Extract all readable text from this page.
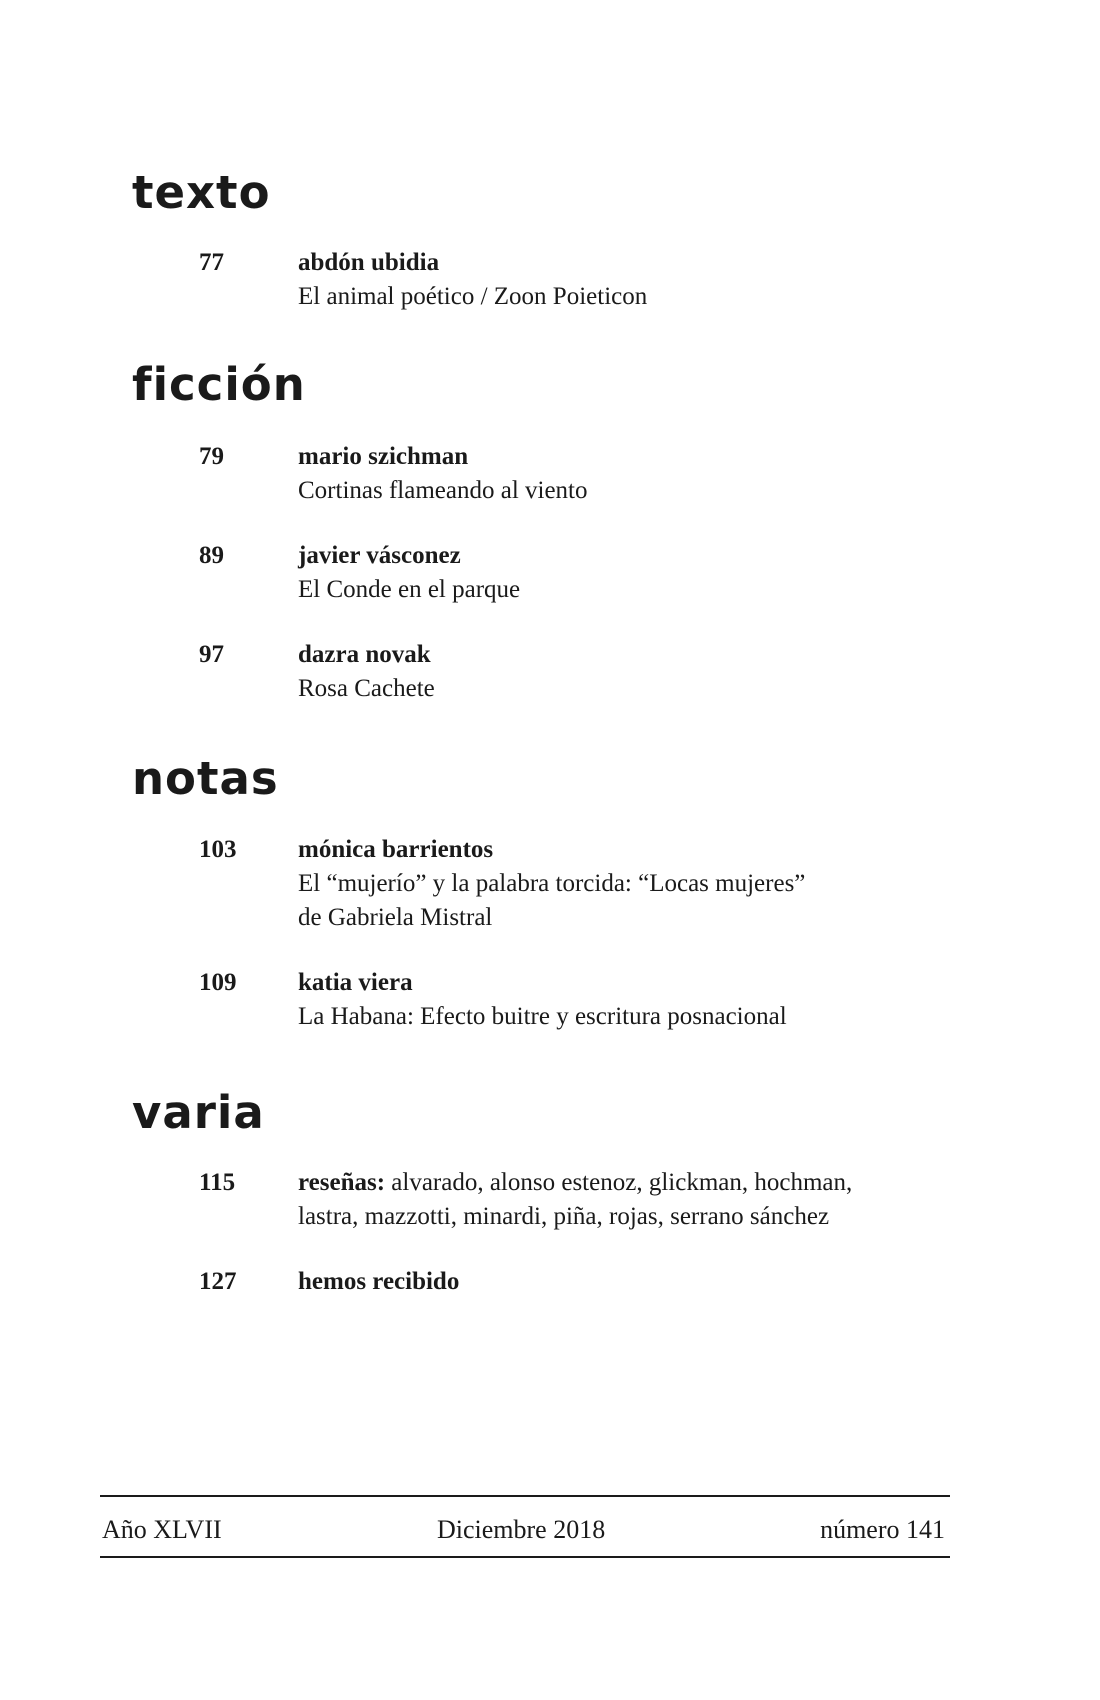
texto
77	abdón ubidia
El animal poético / Zoon Poieticon
ficción
79	mario szichman
Cortinas flameando al viento
89	javier vásconez
El Conde en el parque
97	dazra novak
Rosa Cachete
notas
103 mónica barrientos
El “mujerío” y la palabra torcida: “Locas mujeres”
de Gabriela Mistral
109 katia viera
La Habana: Efecto buitre y escritura posnacional
varia
115	reseñas: alvarado, alonso estenoz, glickman, hochman,
lastra, mazzotti, minardi, piña, rojas, serrano sánchez
127 hemos recibido
Año XLVII	Diciembre 2018	número 141
